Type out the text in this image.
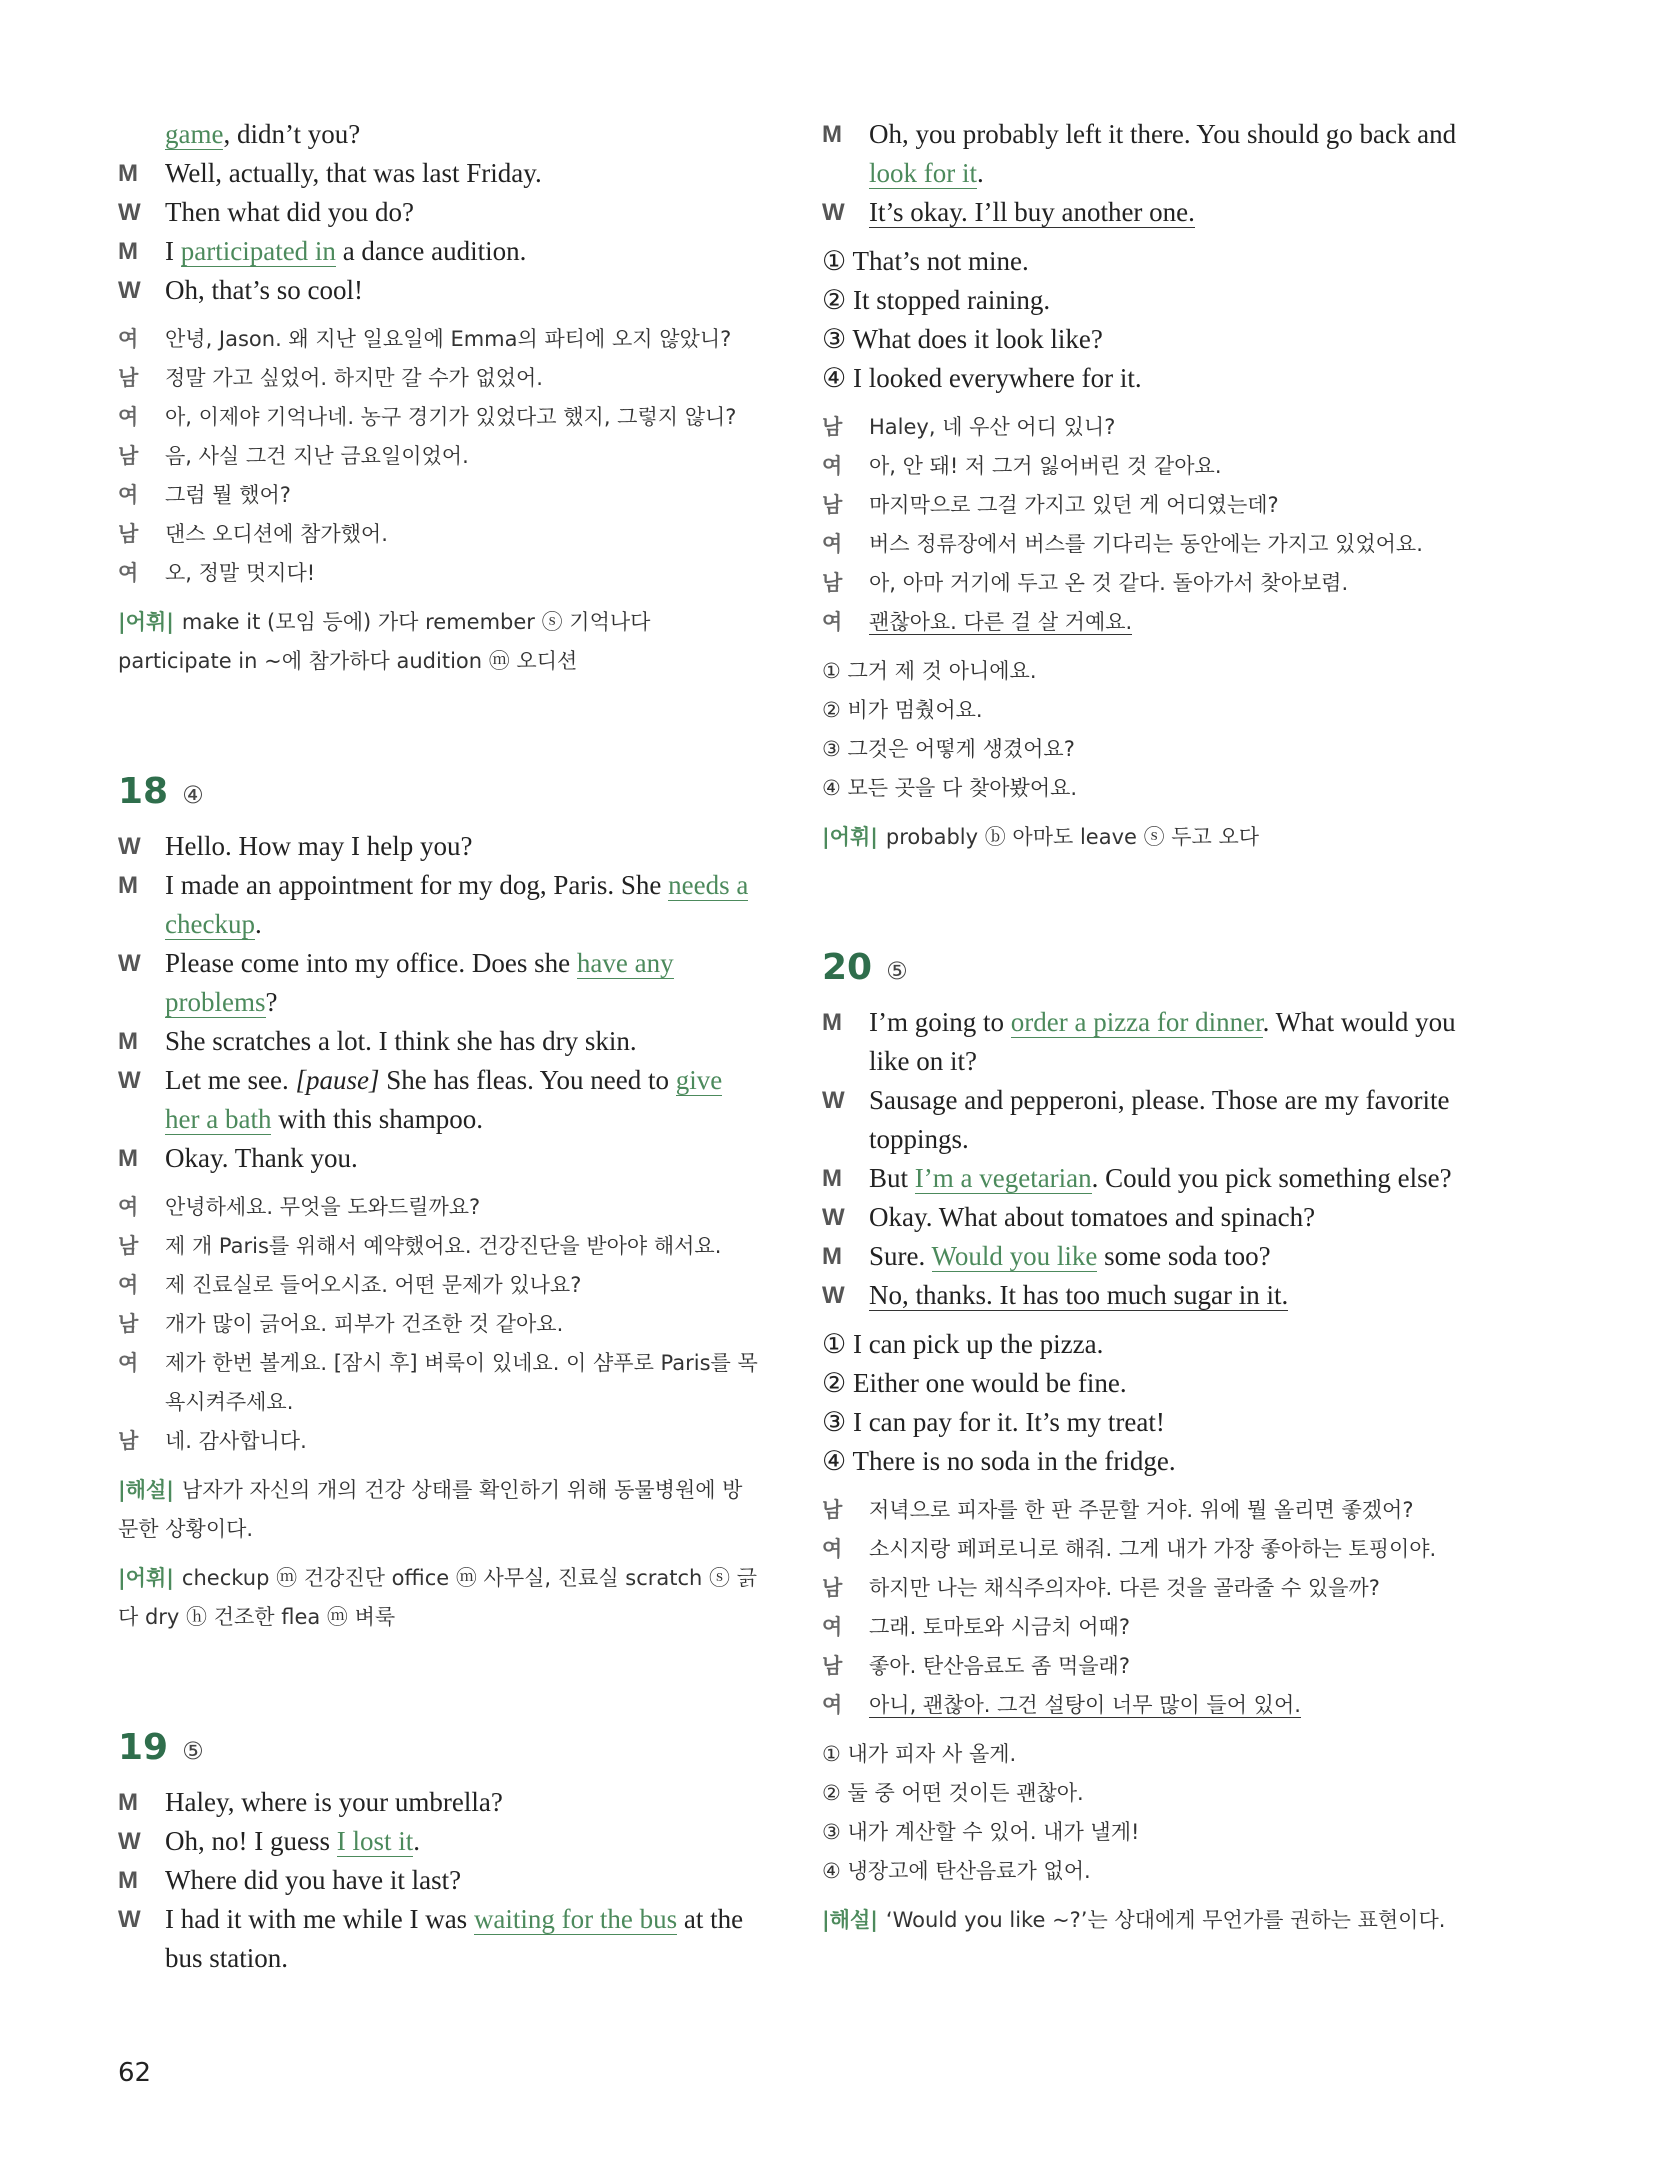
game, didn’t you?
M	Well, actually, that was last Friday.
W Then what did you do?
M	I participated in a dance audition.
W Oh, that’s so cool!
여	안녕, Jason. 왜 지난 일요일에 Emma의 파티에 오지 않았니?
남	정말 가고 싶었어. 하지만 갈 수가 없었어.
여	아, 이제야 기억나네. 농구 경기가 있었다고 했지, 그렇지 않니?
남	음, 사실 그건 지난 금요일이었어.
여	그럼 뭘 했어?
남	댄스 오디션에 참가했어.
여	오, 정말 멋지다!
|어휘| make it (모임 등에) 가다 remember ⓢ 기억나다
participate in ~에 참가하다 audition ⓜ 오디션
18 ④
W Hello. How may I help you?
M	I made an appointment for my dog, Paris. She needs a checkup.
W Please come into my office. Does she have any problems?
M	She scratches a lot. I think she has dry skin.
W Let me see. [pause] She has fleas. You need to give her a bath with this shampoo.
M	Okay. Thank you.
여	안녕하세요. 무엇을 도와드릴까요?
남	제 개 Paris를 위해서 예약했어요. 건강진단을 받아야 해서요.
여	제 진료실로 들어오시죠. 어떤 문제가 있나요?
남	개가 많이 긁어요. 피부가 건조한 것 같아요.
여	제가 한번 볼게요. [잠시 후] 벼룩이 있네요. 이 샴푸로 Paris를 목욕시켜주세요.
남	네. 감사합니다.
|해설| 남자가 자신의 개의 건강 상태를 확인하기 위해 동물병원에 방문한 상황이다.
|어휘| checkup ⓜ 건강진단 office ⓜ 사무실, 진료실 scratch ⓢ 긁다 dry ⓗ 건조한 flea ⓜ 벼룩
19 ⑤
M	Haley, where is your umbrella?
W Oh, no! I guess I lost it.
M	Where did you have it last?
W I had it with me while I was waiting for the bus at the bus station.
M	Oh, you probably left it there. You should go back and look for it.
W It’s okay. I’ll buy another one.
① That’s not mine.
② It stopped raining.
③ What does it look like?
④ I looked everywhere for it.
남	Haley, 네 우산 어디 있니?
여	아, 안 돼! 저 그거 잃어버린 것 같아요.
남	마지막으로 그걸 가지고 있던 게 어디였는데?
여	버스 정류장에서 버스를 기다리는 동안에는 가지고 있었어요.
남	아, 아마 거기에 두고 온 것 같다. 돌아가서 찾아보렴.
여	괜찮아요. 다른 걸 살 거예요.
① 그거 제 것 아니에요.
② 비가 멈췄어요.
③ 그것은 어떻게 생겼어요?
④ 모든 곳을 다 찾아봤어요.
|어휘| probably ⓑ 아마도 leave ⓢ 두고 오다
20 ⑤
M	I’m going to order a pizza for dinner. What would you like on it?
W Sausage and pepperoni, please. Those are my favorite toppings.
M	But I’m a vegetarian. Could you pick something else?
W Okay. What about tomatoes and spinach?
M	Sure. Would you like some soda too?
W No, thanks. It has too much sugar in it.
① I can pick up the pizza.
② Either one would be fine.
③ I can pay for it. It’s my treat!
④ There is no soda in the fridge.
남	저녁으로 피자를 한 판 주문할 거야. 위에 뭘 올리면 좋겠어?
여	소시지랑 페퍼로니로 해줘. 그게 내가 가장 좋아하는 토핑이야.
남	하지만 나는 채식주의자야. 다른 것을 골라줄 수 있을까?
여	그래. 토마토와 시금치 어때?
남	좋아. 탄산음료도 좀 먹을래?
여	아니, 괜찮아. 그건 설탕이 너무 많이 들어 있어.
① 내가 피자 사 올게.
② 둘 중 어떤 것이든 괜찮아.
③ 내가 계산할 수 있어. 내가 낼게!
④ 냉장고에 탄산음료가 없어.
|해설| ‘Would you like ~?’는 상대에게 무언가를 권하는 표현이다.
62
